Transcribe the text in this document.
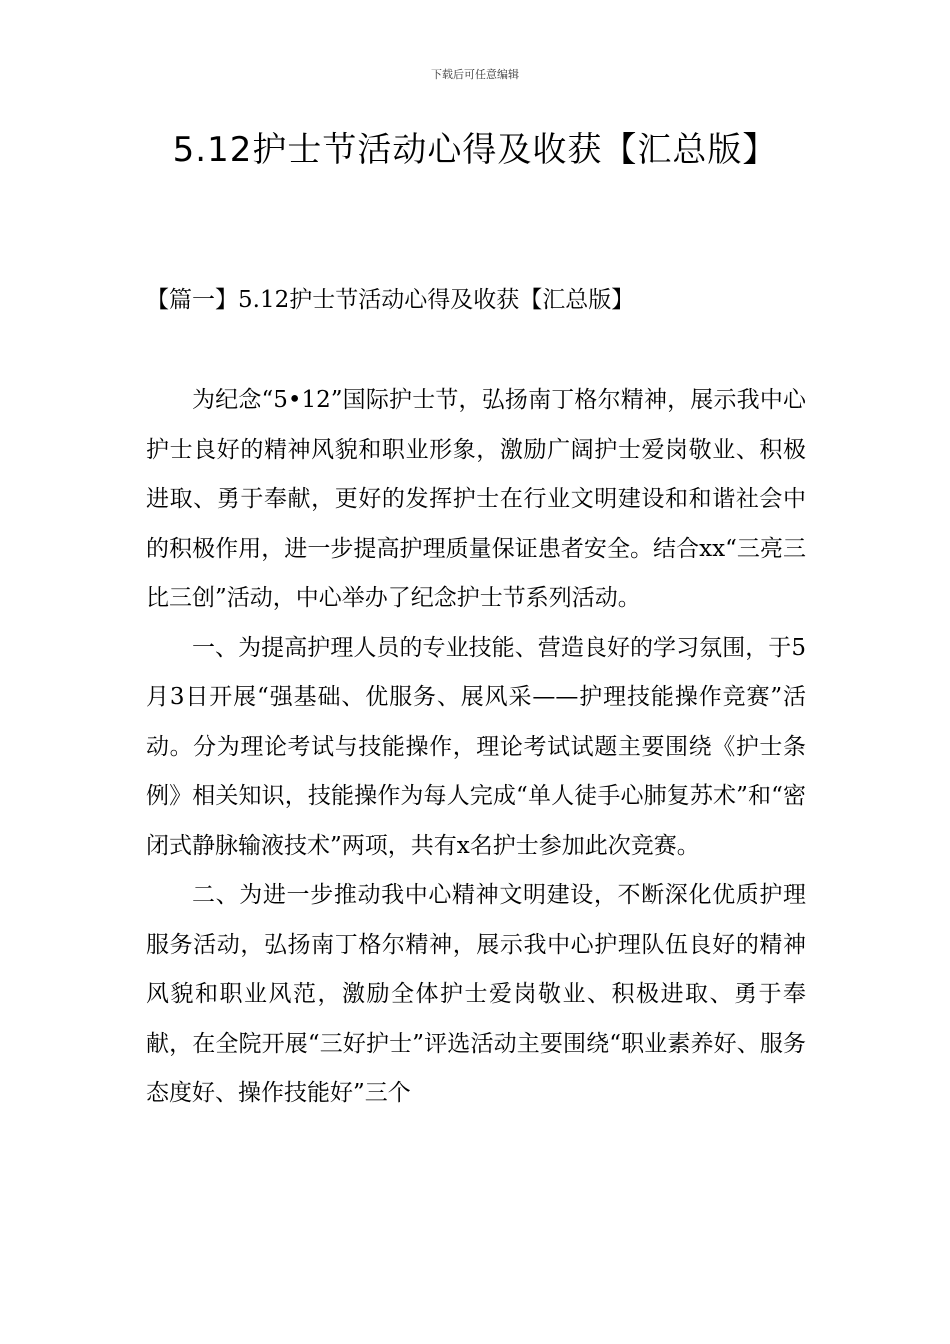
下载后可任意编辑
5.12护士节活动心得及收获【汇总版】
【篇一】5.12护士节活动心得及收获【汇总版】

为纪念“5•12”国际护士节，弘扬南丁格尔精神，展示我中心护士良好的精神风貌和职业形象，激励广阔护士爱岗敬业、积极进取、勇于奉献，更好的发挥护士在行业文明建设和和谐社会中的积极作用，进一步提高护理质量保证患者安全。结合xx“三亮三比三创”活动，中心举办了纪念护士节系列活动。

一、为提高护理人员的专业技能、营造良好的学习氛围，于5月3日开展“强基础、优服务、展风采——护理技能操作竞赛”活动。分为理论考试与技能操作，理论考试试题主要围绕《护士条例》相关知识，技能操作为每人完成“单人徒手心肺复苏术”和“密闭式静脉输液技术”两项，共有x名护士参加此次竞赛。

二、为进一步推动我中心精神文明建设，不断深化优质护理服务活动，弘扬南丁格尔精神，展示我中心护理队伍良好的精神风貌和职业风范，激励全体护士爱岗敬业、积极进取、勇于奉献，在全院开展“三好护士”评选活动主要围绕“职业素养好、服务态度好、操作技能好”三个
